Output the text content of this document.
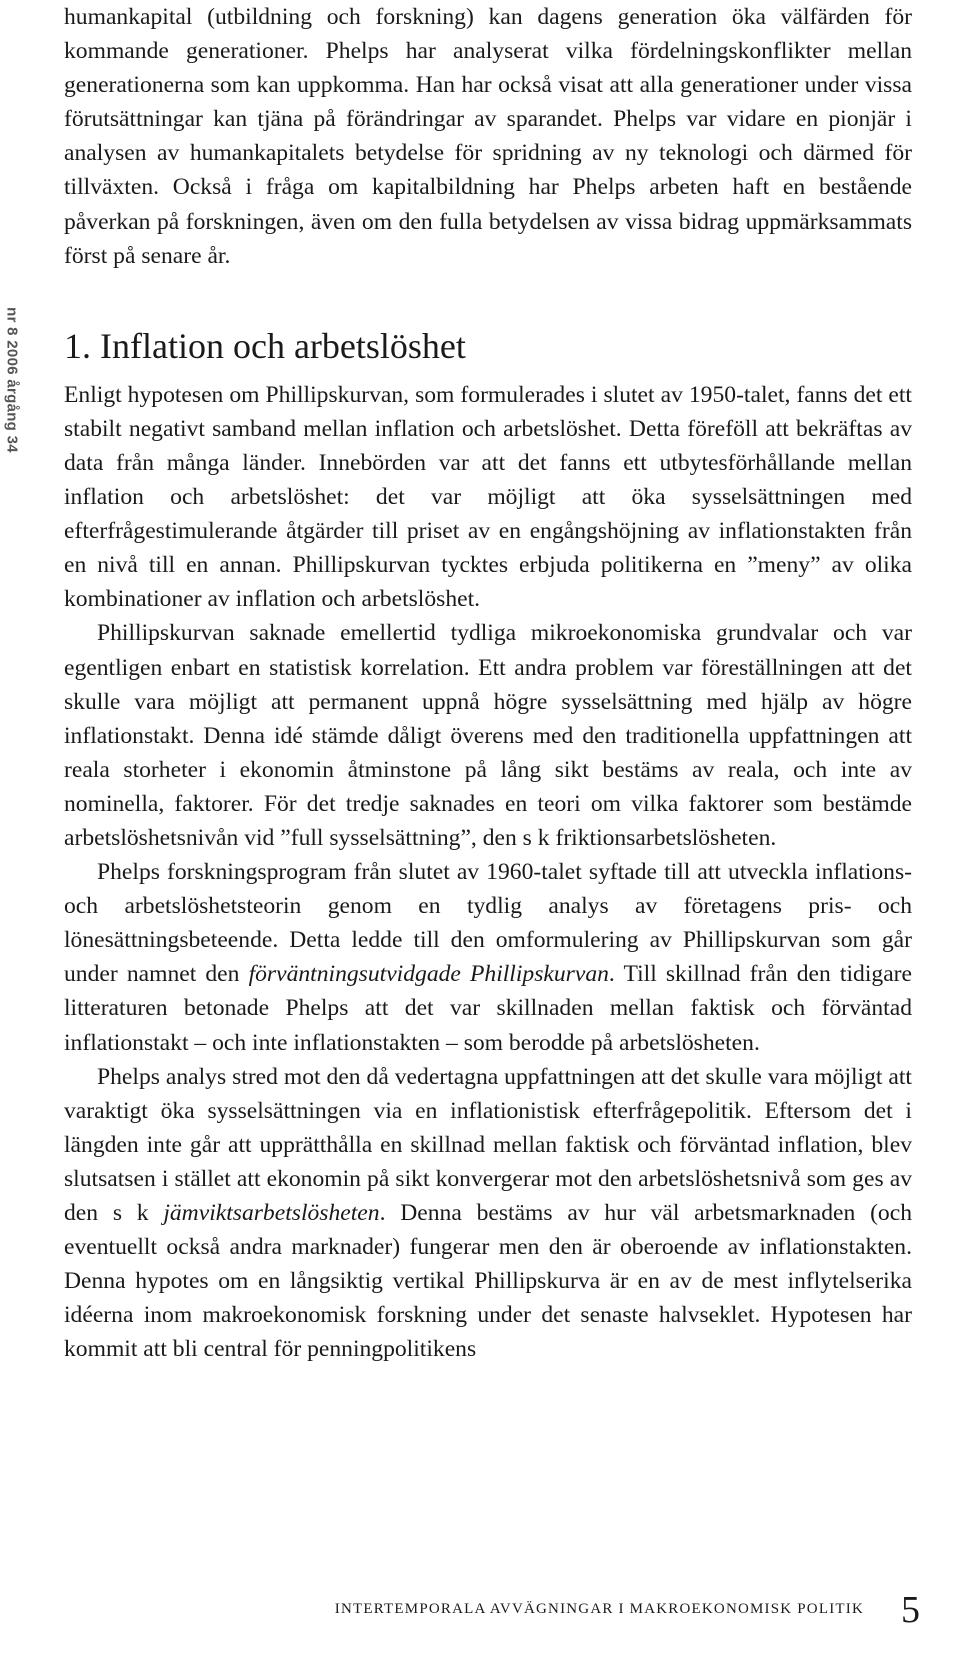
nr 8 2006 årgång 34

humankapital (utbildning och forskning) kan dagens generation öka välfärden för kommande generationer. Phelps har analyserat vilka fördelningskonflikter mellan generationerna som kan uppkomma. Han har också visat att alla generationer under vissa förutsättningar kan tjäna på förändringar av sparandet. Phelps var vidare en pionjär i analysen av humankapitalets betydelse för spridning av ny teknologi och därmed för tillväxten. Också i fråga om kapitalbildning har Phelps arbeten haft en bestående påverkan på forskningen, även om den fulla betydelsen av vissa bidrag uppmärksammats först på senare år.

1. Inflation och arbetslöshet

Enligt hypotesen om Phillipskurvan, som formulerades i slutet av 1950-talet, fanns det ett stabilt negativt samband mellan inflation och arbetslöshet. Detta föreföll att bekräftas av data från många länder. Innebörden var att det fanns ett utbytesförhållande mellan inflation och arbetslöshet: det var möjligt att öka sysselsättningen med efterfrågestimulerande åtgärder till priset av en engångshöjning av inflationstakten från en nivå till en annan. Phillipskurvan tycktes erbjuda politikerna en ”meny” av olika kombinationer av inflation och arbetslöshet.

Phillipskurvan saknade emellertid tydliga mikroekonomiska grundvalar och var egentligen enbart en statistisk korrelation. Ett andra problem var föreställningen att det skulle vara möjligt att permanent uppnå högre sysselsättning med hjälp av högre inflationstakt. Denna idé stämde dåligt överens med den traditionella uppfattningen att reala storheter i ekonomin åtminstone på lång sikt bestäms av reala, och inte av nominella, faktorer. För det tredje saknades en teori om vilka faktorer som bestämde arbetslöshetsnivån vid ”full sysselsättning”, den s k friktionsarbetslösheten.

Phelps forskningsprogram från slutet av 1960-talet syftade till att utveckla inflations- och arbetslöshetsteorin genom en tydlig analys av företagens pris- och lönesättningsbeteende. Detta ledde till den omformulering av Phillipskurvan som går under namnet den förväntningsutvidgade Phillipskurvan. Till skillnad från den tidigare litteraturen betonade Phelps att det var skillnaden mellan faktisk och förväntad inflationstakt – och inte inflationstakten – som berodde på arbetslösheten.

Phelps analys stred mot den då vedertagna uppfattningen att det skulle vara möjligt att varaktigt öka sysselsättningen via en inflationistisk efterfrågepolitik. Eftersom det i längden inte går att upprätthålla en skillnad mellan faktisk och förväntad inflation, blev slutsatsen i stället att ekonomin på sikt konvergerar mot den arbetslöshetsnivå som ges av den s k jämviktsarbetslösheten. Denna bestäms av hur väl arbetsmarknaden (och eventuellt också andra marknader) fungerar men den är oberoende av inflationstakten. Denna hypotes om en långsiktig vertikal Phillipskurva är en av de mest inflytelserika idéerna inom makroekonomisk forskning under det senaste halvseklet. Hypotesen har kommit att bli central för penningpolitikens

INTERTEMPORALA AVVÄGNINGAR I MAKROEKONOMISK POLITIK 5
